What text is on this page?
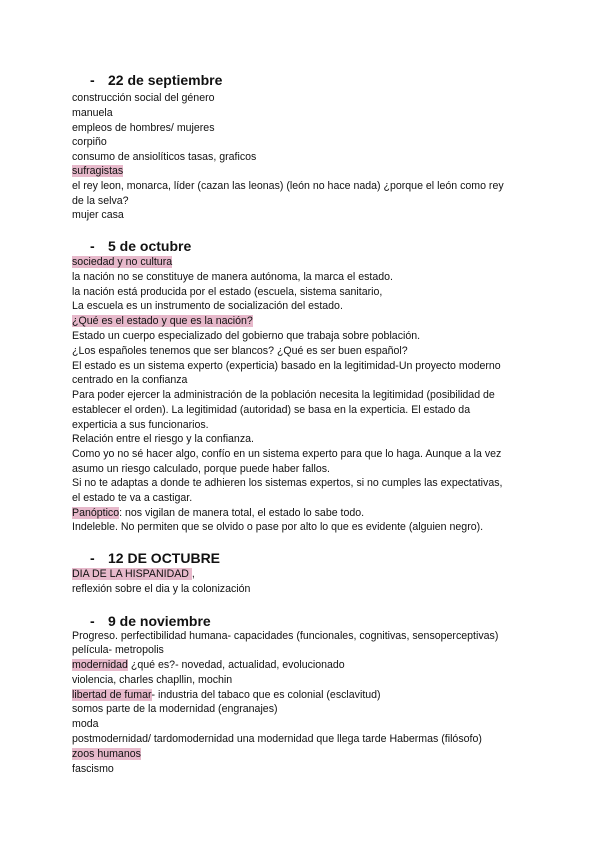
- 22 de septiembre
construcción social del género
manuela
empleos de hombres/ mujeres
corpiño
consumo de ansiolíticos tasas, graficos
sufragistas
el rey leon, monarca, líder (cazan las leonas) (león no hace nada) ¿porque el león como rey
de la selva?
mujer casa
- 5 de octubre
sociedad y no cultura
la nación no se constituye de manera autónoma, la marca el estado.
la nación está producida por el estado (escuela, sistema sanitario,
La escuela es un instrumento de socialización del estado.
¿Qué es el estado y que es la nación?
Estado un cuerpo especializado del gobierno que trabaja sobre población.
¿Los españoles tenemos que ser blancos? ¿Qué es ser buen español?
El estado es un sistema experto (experticia) basado en la legitimidad-Un proyecto moderno
centrado en la confianza
Para poder ejercer la administración de la población necesita la legitimidad (posibilidad de
establecer el orden). La legitimidad (autoridad) se basa en la experticia. El estado da
experticia a sus funcionarios.
Relación entre el riesgo y la confianza.
Como yo no sé hacer algo, confío en un sistema experto para que lo haga. Aunque a la vez
asumo un riesgo calculado, porque puede haber fallos.
Si no te adaptas a donde te adhieren los sistemas expertos, si no cumples las expectativas,
el estado te va a castigar.
Panóptico: nos vigilan de manera total, el estado lo sabe todo.
Indeleble. No permiten que se olvido o pase por alto lo que es evidente (alguien negro).
- 12 DE OCTUBRE
DIA DE LA HISPANIDAD ,
reflexión sobre el dia y la colonización
- 9 de noviembre
Progreso. perfectibilidad humana- capacidades (funcionales, cognitivas, sensoperceptivas)
película- metropolis
modernidad ¿qué es?- novedad, actualidad, evolucionado
violencia, charles chapllin, mochin
libertad de fumar- industria del tabaco que es colonial (esclavitud)
somos parte de la modernidad (engranajes)
moda
postmodernidad/ tardomodernidad una modernidad que llega tarde Habermas (filósofo)
zoos humanos
fascismo
